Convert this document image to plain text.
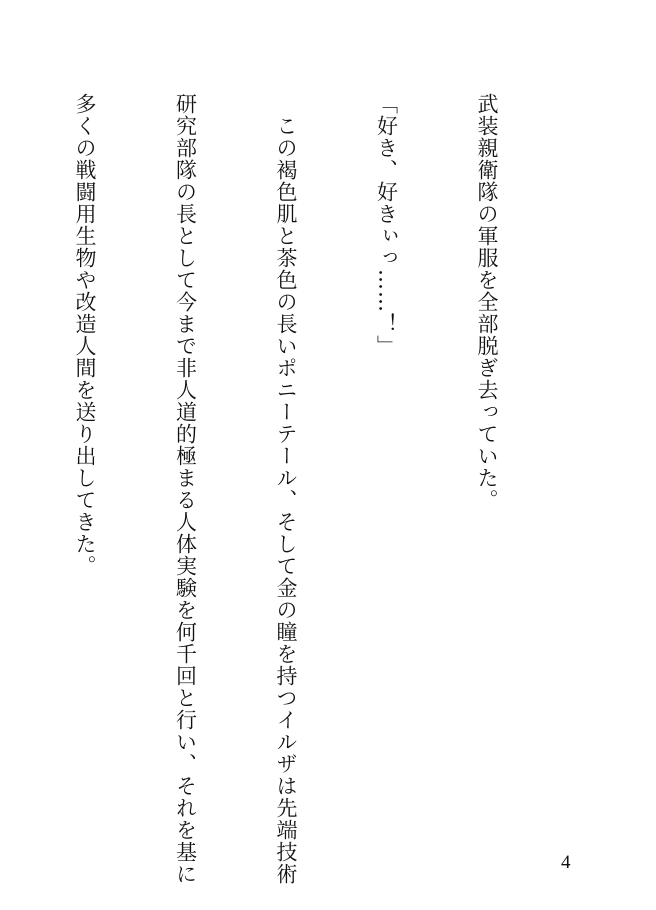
武装親衛隊の軍服を全部脱ぎ去っていた。

「好き、好きぃっ……！」

　この褐色肌と茶色の長いポニーテール、そして金の瞳を持つイルザは先端技術

研究部隊の長として今まで非人道的極まる人体実験を何千回と行い、それを基に

多くの戦闘用生物や改造人間を送り出してきた。

4
